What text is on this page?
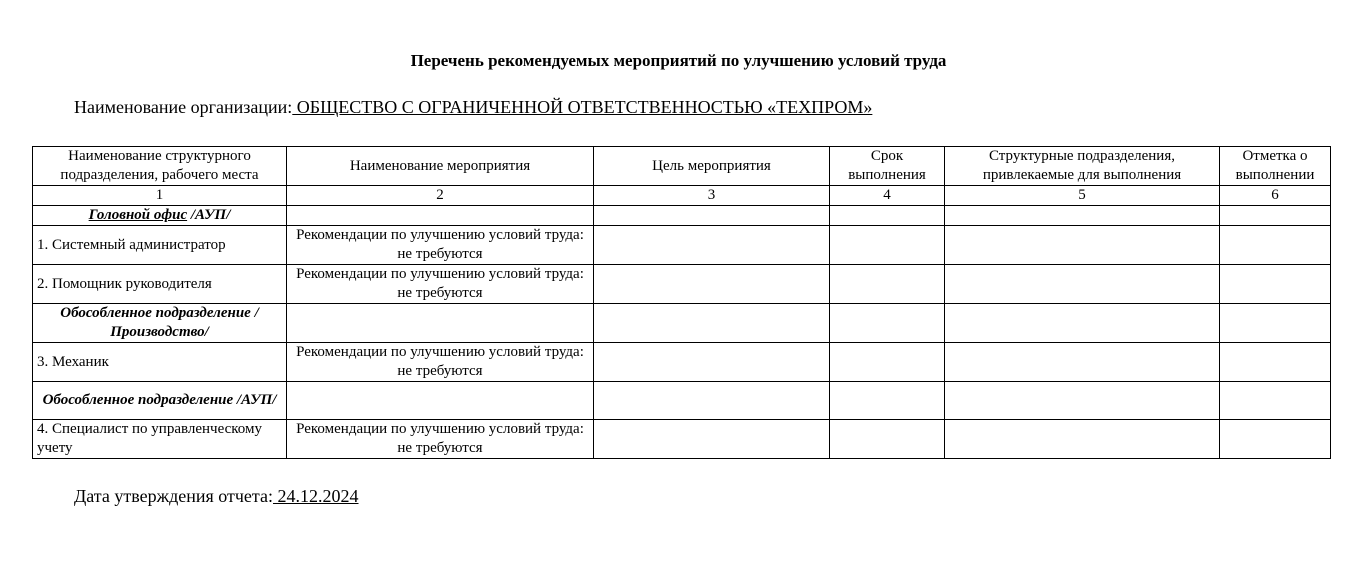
Перечень рекомендуемых мероприятий по улучшению условий труда
Наименование организации: ОБЩЕСТВО С ОГРАНИЧЕННОЙ ОТВЕТСТВЕННОСТЬЮ «ТЕХПРОМ»
Наименование структурного подразделения, рабочего места	Наименование мероприятия	Цель мероприятия	Срок выполнения	Структурные подразделения, привлекаемые для выполнения	Отметка о выполнении
1	2	3	4	5	6
Головной офис /АУП/					
1. Системный администратор	Рекомендации по улучшению условий труда: не требуются				
2. Помощник руководителя	Рекомендации по улучшению условий труда: не требуются				
Обособленное подразделение /Производство/					
3. Механик	Рекомендации по улучшению условий труда: не требуются				
Обособленное подразделение /АУП/					
4. Специалист по управленческому учету	Рекомендации по улучшению условий труда: не требуются				
Дата утверждения отчета: 24.12.2024
